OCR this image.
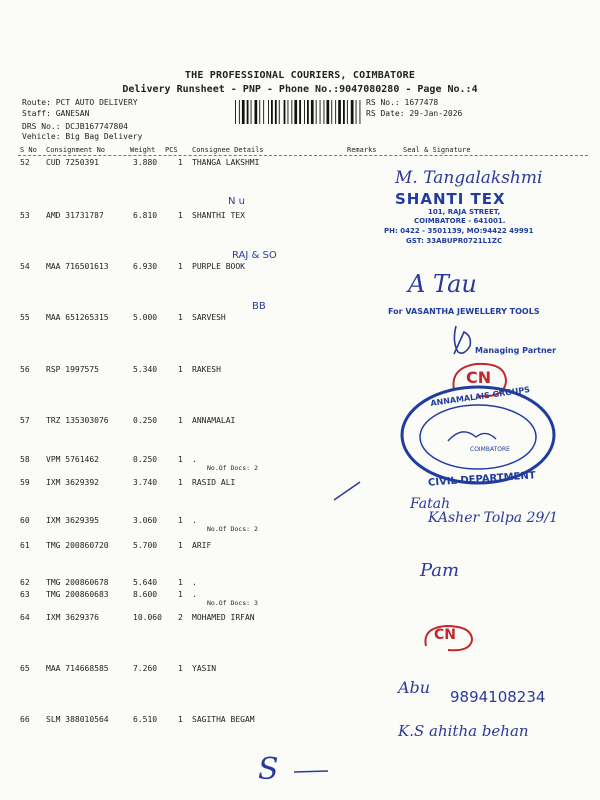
THE PROFESSIONAL COURIERS, COIMBATORE
Delivery Runsheet - PNP - Phone No.:9047080280 - Page No.:4
Route: PCT AUTO DELIVERY
Staff: GANESAN
DRS No.: DCJB167747804
Vehicle: Big Bag Delivery
RS No.: 1677478
RS Date: 29-Jan-2026
S No Consignment No	Weight PCS Consignee Details	Remarks	Seal & Signature
52 CUD 7250391	3.880	1 THANGA LAKSHMI
53 AMD 31731787	6.810	1 SHANTHI TEX
54 MAA 716501613	6.930	1 PURPLE BOOK
55 MAA 651265315	5.000	1 SARVESH
56 RSP 1997575	5.340	1 RAKESH
57 TRZ 135303076	0.250	1 ANNAMALAI
58 VPM 5761462	0.250	1 .
No.Of Docs: 2
59 IXM 3629392	3.740	1 RASID ALI
60 IXM 3629395	3.060	1 .
No.Of Docs: 2
61 TMG 200860720	5.700	1 ARIF
62 TMG 200860678	5.640	1 .
63 TMG 200860683	8.600	1 .
No.Of Docs: 3
64 IXM 3629376	10.060 2 MOHAMED IRFAN
65 MAA 714668585	7.260	1 YASIN
66 SLM 388010564	6.510	1 SAGITHA BEGAM
N u
RAJ & SO
BB
M. Tangalakshmi
SHANTI TEX
101, RAJA STREET,
COIMBATORE - 641001.
PH: 0422 - 3501139, MO:94422 49991
GST: 33ABUPR0721L1ZC
A Tau
For VASANTHA JEWELLERY TOOLS
Managing Partner
CN
ANNAMALAIS GROUPS
COIMBATORE
CIVIL DEPARTMENT
Fatah
KAsher Tolpa 29/1
Pam
CN
Abu 9894108234
K.S ahitha behan
S
